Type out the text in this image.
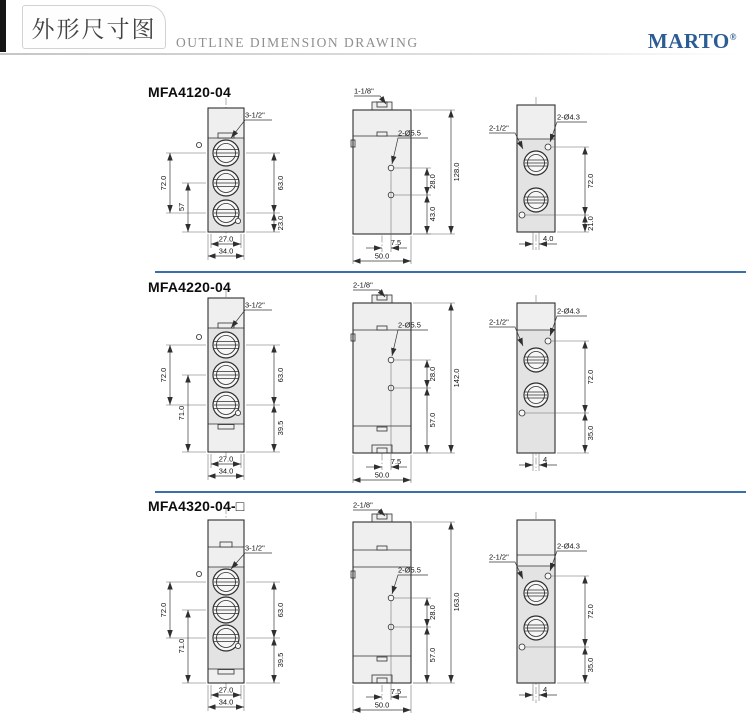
外形尺寸图 OUTLINE DIMENSION DRAWING	MARTO®
MFA4120-04
72.0
57
63.0
23.0
27.0
34.0
3-1/2"
28.0
43.0
128.0
7.5
50.0
1-1/8"
2-Ø5.5
72.0
21.0
4.0
2-1/2"
2-Ø4.3
MFA4220-04
72.0
71.0
63.0
39.5
27.0
34.0
3-1/2"
28.0
57.0
142.0
7.5
50.0
2-1/8"
2-Ø5.5
72.0
35.0
4
2-1/2"
2-Ø4.3
MFA4320-04-□
72.0
71.0
63.0
39.5
27.0
34.0
3-1/2"
28.0
57.0
163.0
7.5
50.0
2-1/8"
2-Ø5.5
72.0
35.0
4
2-1/2"
2-Ø4.3
